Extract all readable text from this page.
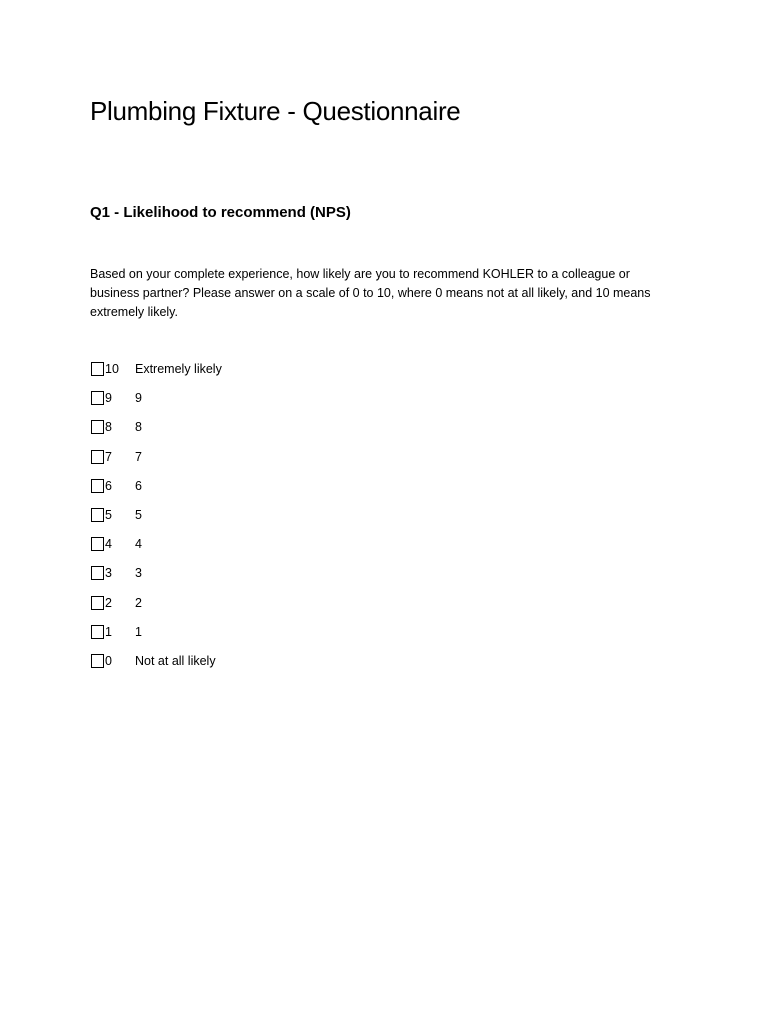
Plumbing Fixture - Questionnaire
Q1 - Likelihood to recommend (NPS)
Based on your complete experience, how likely are you to recommend KOHLER to a colleague or business partner? Please answer on a scale of 0 to 10, where 0 means not at all likely, and 10 means extremely likely.
10 Extremely likely
9 9
8 8
7 7
6 6
5 5
4 4
3 3
2 2
1 1
0 Not at all likely
